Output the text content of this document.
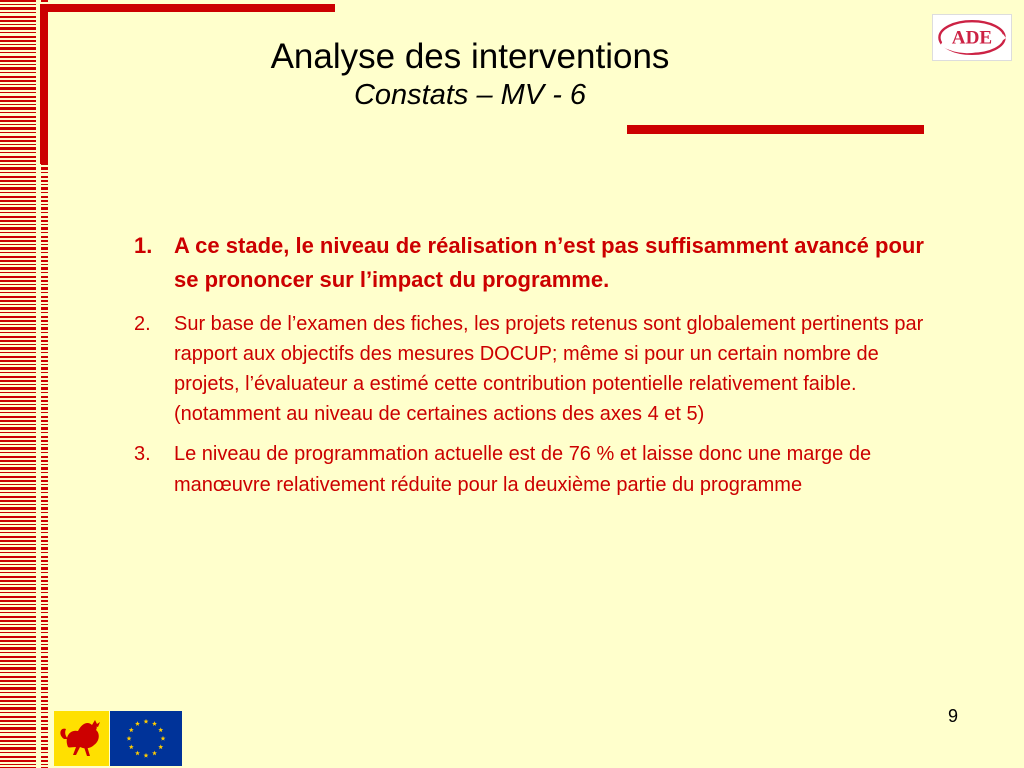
Analyse des interventions
Constats – MV - 6
ADE
1. A ce stade, le niveau de réalisation n’est pas suffisamment avancé pour se prononcer sur l’impact du programme.
2.	Sur base de l’examen des fiches, les projets retenus sont globalement pertinents par rapport aux objectifs des mesures DOCUP; même si pour un certain nombre de projets, l’évaluateur a estimé cette contribution potentielle relativement faible. (notamment au niveau de certaines actions des axes 4 et 5)
3.	Le niveau de programmation actuelle est de 76 % et laisse donc une marge de manœuvre relativement réduite pour la deuxième partie du programme
9
